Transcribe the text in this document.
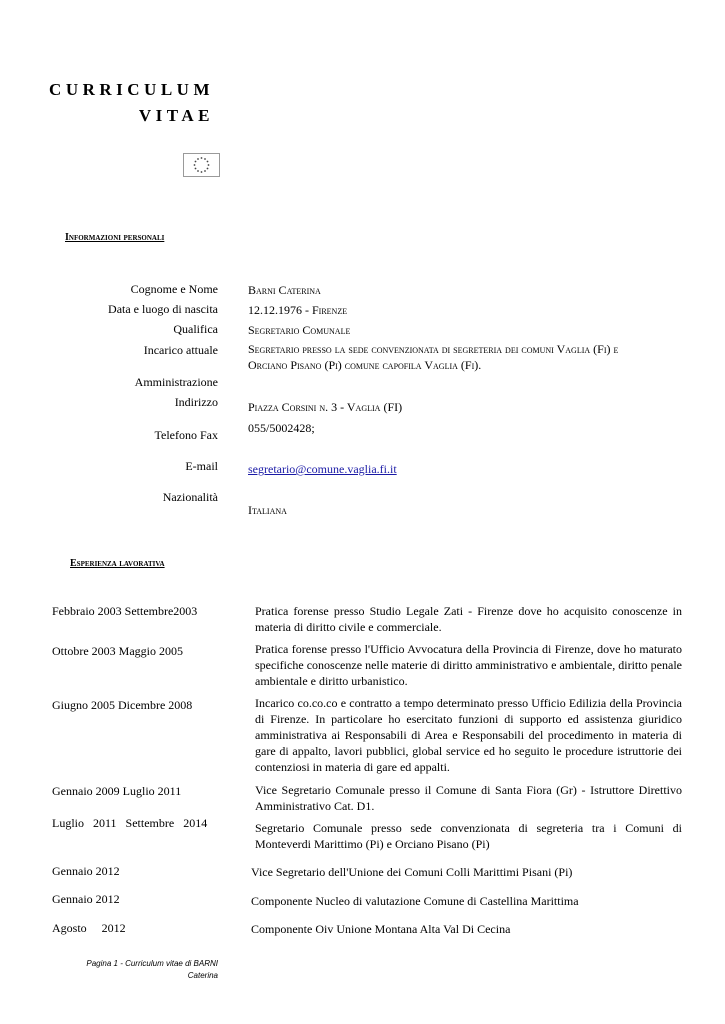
CURRICULUM
VITAE
Informazioni personali
Cognome e Nome	Barni Caterina
Data e luogo di nascita	12.12.1976 - Firenze
Qualifica	Segretario Comunale
Incarico attuale	Segretario presso la sede convenzionata di segreteria dei comuni Vaglia (Fi) e Orciano Pisano (Pi) comune capofila Vaglia (Fi).
Amministrazione
Indirizzo	Piazza Corsini n. 3 - Vaglia (FI)
Telefono Fax	055/5002428;
E-mail	segretario@comune.vaglia.fi.it
Nazionalità
Italiana
Esperienza lavorativa
Febbraio 2003 Settembre2003	Pratica forense presso Studio Legale Zati - Firenze dove ho acquisito conoscenze in materia di diritto civile e commerciale.
Ottobre 2003 Maggio 2005	Pratica forense presso l'Ufficio Avvocatura della Provincia di Firenze, dove ho maturato specifiche conoscenze nelle materie di diritto amministrativo e ambientale, diritto penale ambientale e diritto urbanistico.
Giugno 2005 Dicembre 2008	Incarico co.co.co e contratto a tempo determinato presso Ufficio Edilizia della Provincia di Firenze. In particolare ho esercitato funzioni di supporto ed assistenza giuridico amministrativa ai Responsabili di Area e Responsabili del procedimento in materia di gare di appalto, lavori pubblici, global service ed ho seguito le procedure istruttorie dei contenziosi in materia di gare ed appalti.
Gennaio 2009 Luglio 2011	Vice Segretario Comunale presso il Comune di Santa Fiora (Gr) - Istruttore Direttivo Amministrativo Cat. D1.
Luglio   2011   Settembre   2014	Segretario Comunale presso sede convenzionata di segreteria tra i Comuni di Monteverdi Marittimo (Pi) e Orciano Pisano (Pi)
Gennaio 2012	Vice Segretario dell'Unione dei Comuni Colli Marittimi Pisani (Pi)
Gennaio 2012	Componente Nucleo di valutazione Comune di Castellina Marittima
Agosto     2012	Componente Oiv Unione Montana Alta Val Di Cecina
Pagina 1 - Curriculum vitae di BARNI
Caterina
